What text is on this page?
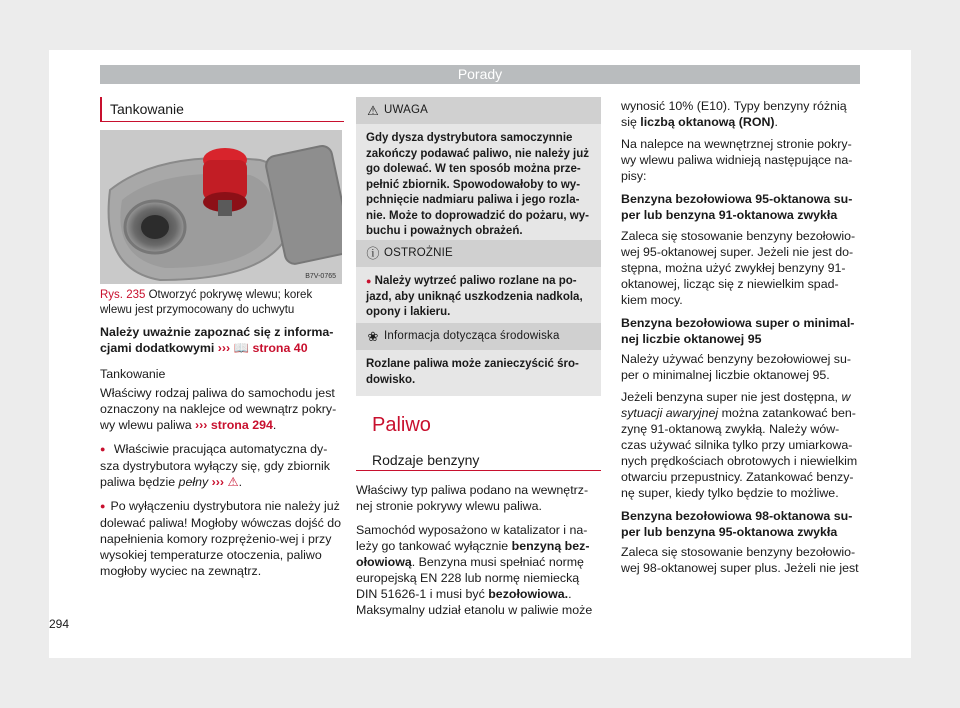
Porady
Tankowanie
B7V-0765
Rys. 235 Otworzyć pokrywę wlewu; korek wlewu jest przymocowany do uchwytu

Należy uważnie zapoznać się z informa-cjami dodatkowymi ››› 📖 strona 40

Tankowanie

Właściwy rodzaj paliwa do samochodu jest oznaczony na naklejce od wewnątrz pokry-wy wlewu paliwa ››› strona 294.

● Właściwie pracująca automatyczna dy-sza dystrybutora wyłączy się, gdy zbiornik paliwa będzie pełny ››› ⚠.

● Po wyłączeniu dystrybutora nie należy już dolewać paliwa! Mogłoby wówczas dojść do napełnienia komory rozprężenio-wej i przy wysokiej temperaturze otoczenia, paliwo mogłoby wyciec na zewnątrz.

⚠ UWAGA
Gdy dysza dystrybutora samoczynnie zakończy podawać paliwo, nie należy już go dolewać. W ten sposób można prze-pełnić zbiornik. Spowodowałoby to wy-pchnięcie nadmiaru paliwa i jego rozla-nie. Może to doprowadzić do pożaru, wy-buchu i poważnych obrażeń.
ⓘ OSTROŻNIE
● Należy wytrzeć paliwo rozlane na po-jazd, aby uniknąć uszkodzenia nadkola, opony i lakieru.
❀ Informacja dotycząca środowiska
Rozlane paliwa może zanieczyścić śro-dowisko.
Paliwo
Rodzaje benzyny

Właściwy typ paliwa podano na wewnętrz-nej stronie pokrywy wlewu paliwa.

Samochód wyposażono w katalizator i na-leży go tankować wyłącznie benzyną bez-ołowiową. Benzyna musi spełniać normę europejską EN 228 lub normę niemiecką DIN 51626-1 i musi być bezołowiowa.. Maksymalny udział etanolu w paliwie może

wynosić 10% (E10). Typy benzyny różnią się liczbą oktanową (RON).

Na nalepce na wewnętrznej stronie pokry-wy wlewu paliwa widnieją następujące na-pisy:

Benzyna bezołowiowa 95-oktanowa su-per lub benzyna 91-oktanowa zwykła

Zaleca się stosowanie benzyny bezołowio-wej 95-oktanowej super. Jeżeli nie jest do-stępna, można użyć zwykłej benzyny 91-oktanowej, licząc się z niewielkim spad-kiem mocy.

Benzyna bezołowiowa super o minimal-nej liczbie oktanowej 95

Należy używać benzyny bezołowiowej su-per o minimalnej liczbie oktanowej 95.

Jeżeli benzyna super nie jest dostępna, w sytuacji awaryjnej można zatankować ben-zynę 91-oktanową zwykłą. Należy wów-czas używać silnika tylko przy umiarkowa-nych prędkościach obrotowych i niewielkim otwarciu przepustnicy. Zatankować benzy-nę super, kiedy tylko będzie to możliwe.

Benzyna bezołowiowa 98-oktanowa su-per lub benzyna 95-oktanowa zwykła

Zaleca się stosowanie benzyny bezołowio-wej 98-oktanowej super plus. Jeżeli nie jest

294
